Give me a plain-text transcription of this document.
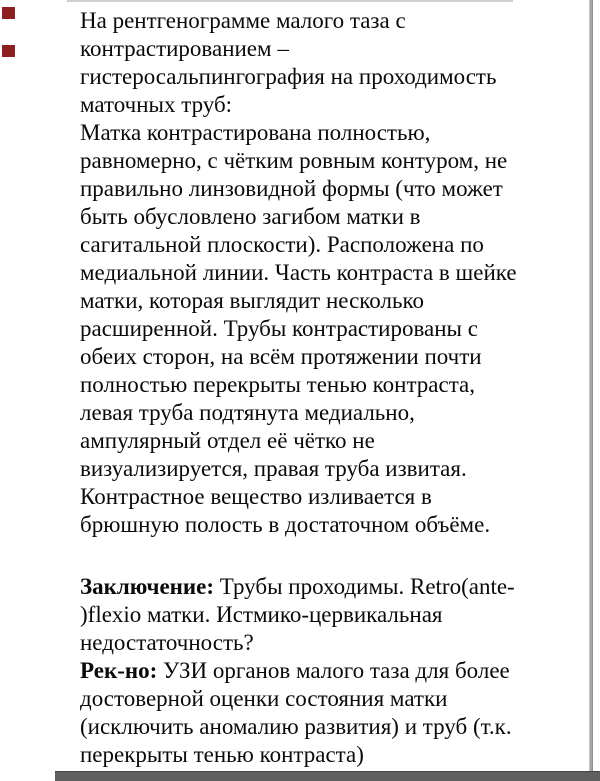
На рентгенограмме малого таза с
контрастированием –
гистеросальпингография на проходимость
маточных труб:
Матка контрастирована полностью,
равномерно, с чётким ровным контуром, не
правильно линзовидной формы (что может
быть обусловлено загибом матки в
сагитальной плоскости). Расположена по
медиальной линии. Часть контраста в шейке
матки, которая выглядит несколько
расширенной. Трубы контрастированы с
обеих сторон, на всём протяжении почти
полностью перекрыты тенью контраста,
левая труба подтянута медиально,
ампулярный отдел её чётко не
визуализируется, правая труба извитая.
Контрастное вещество изливается в
брюшную полость в достаточном объёме.
Заключение: Трубы проходимы. Retro(ante-
)flexio матки. Истмико-цервикальная
недостаточность?
Рек-но: УЗИ органов малого таза для более
достоверной оценки состояния матки
(исключить аномалию развития) и труб (т.к.
перекрыты тенью контраста)
